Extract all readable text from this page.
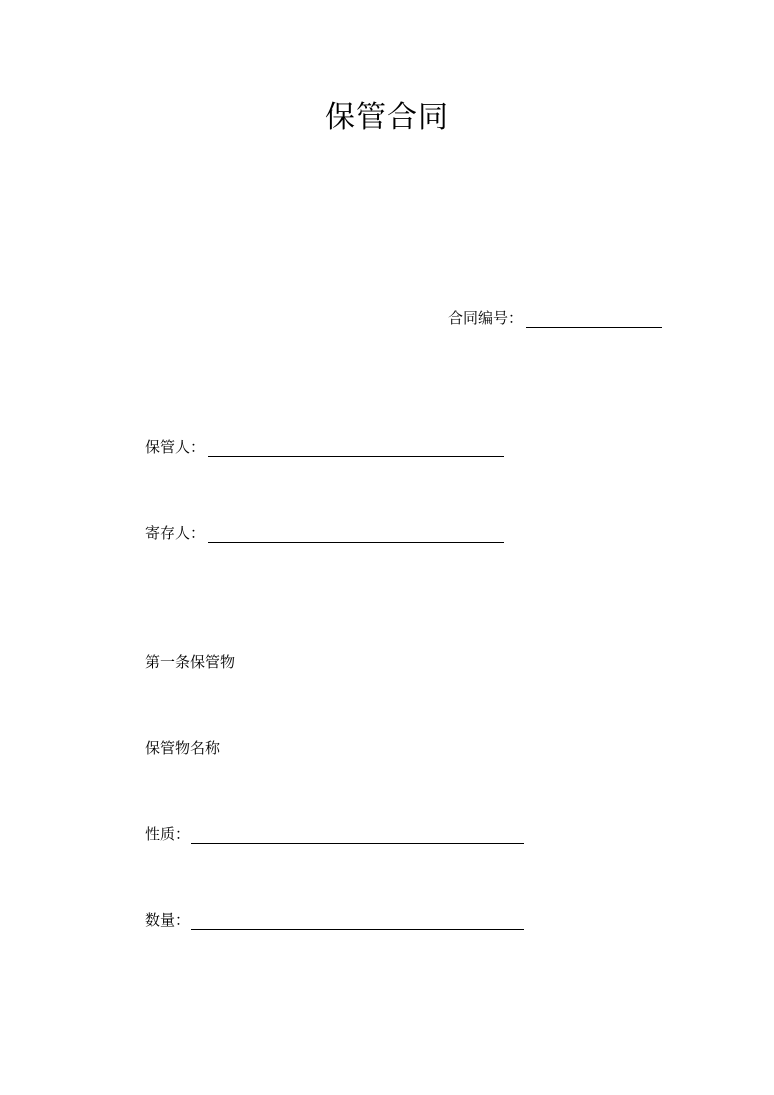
保管合同
合同编号：
保管人：
寄存人：
第一条保管物
保管物名称
性质：
数量：
